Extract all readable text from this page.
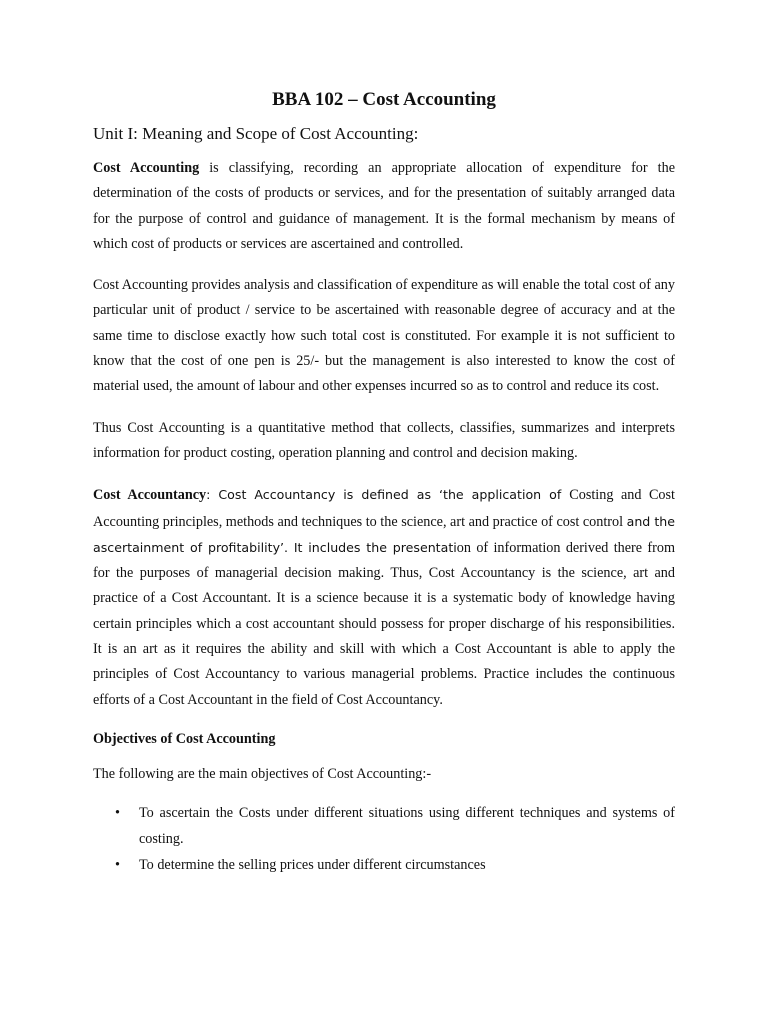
BBA 102 – Cost Accounting
Unit I: Meaning and Scope of Cost Accounting:

Cost Accounting is classifying, recording an appropriate allocation of expenditure for the determination of the costs of products or services, and for the presentation of suitably arranged data for the purpose of control and guidance of management. It is the formal mechanism by means of which cost of products or services are ascertained and controlled.

Cost Accounting provides analysis and classification of expenditure as will enable the total cost of any particular unit of product / service to be ascertained with reasonable degree of accuracy and at the same time to disclose exactly how such total cost is constituted. For example it is not sufficient to know that the cost of one pen is 25/- but the management is also interested to know the cost of material used, the amount of labour and other expenses incurred so as to control and reduce its cost.

Thus Cost Accounting is a quantitative method that collects, classifies, summarizes and interprets information for product costing, operation planning and control and decision making.

Cost Accountancy: Cost Accountancy is defined as ‘the application of Costing and Cost Accounting principles, methods and techniques to the science, art and practice of cost control and the ascertainment of profitability’. It includes the presentation of information derived there from for the purposes of managerial decision making. Thus, Cost Accountancy is the science, art and practice of a Cost Accountant. It is a science because it is a systematic body of knowledge having certain principles which a cost accountant should possess for proper discharge of his responsibilities. It is an art as it requires the ability and skill with which a Cost Accountant is able to apply the principles of Cost Accountancy to various managerial problems. Practice includes the continuous efforts of a Cost Accountant in the field of Cost Accountancy.

Objectives of Cost Accounting

The following are the main objectives of Cost Accounting:-

• To ascertain the Costs under different situations using different techniques and systems of costing.
• To determine the selling prices under different circumstances
